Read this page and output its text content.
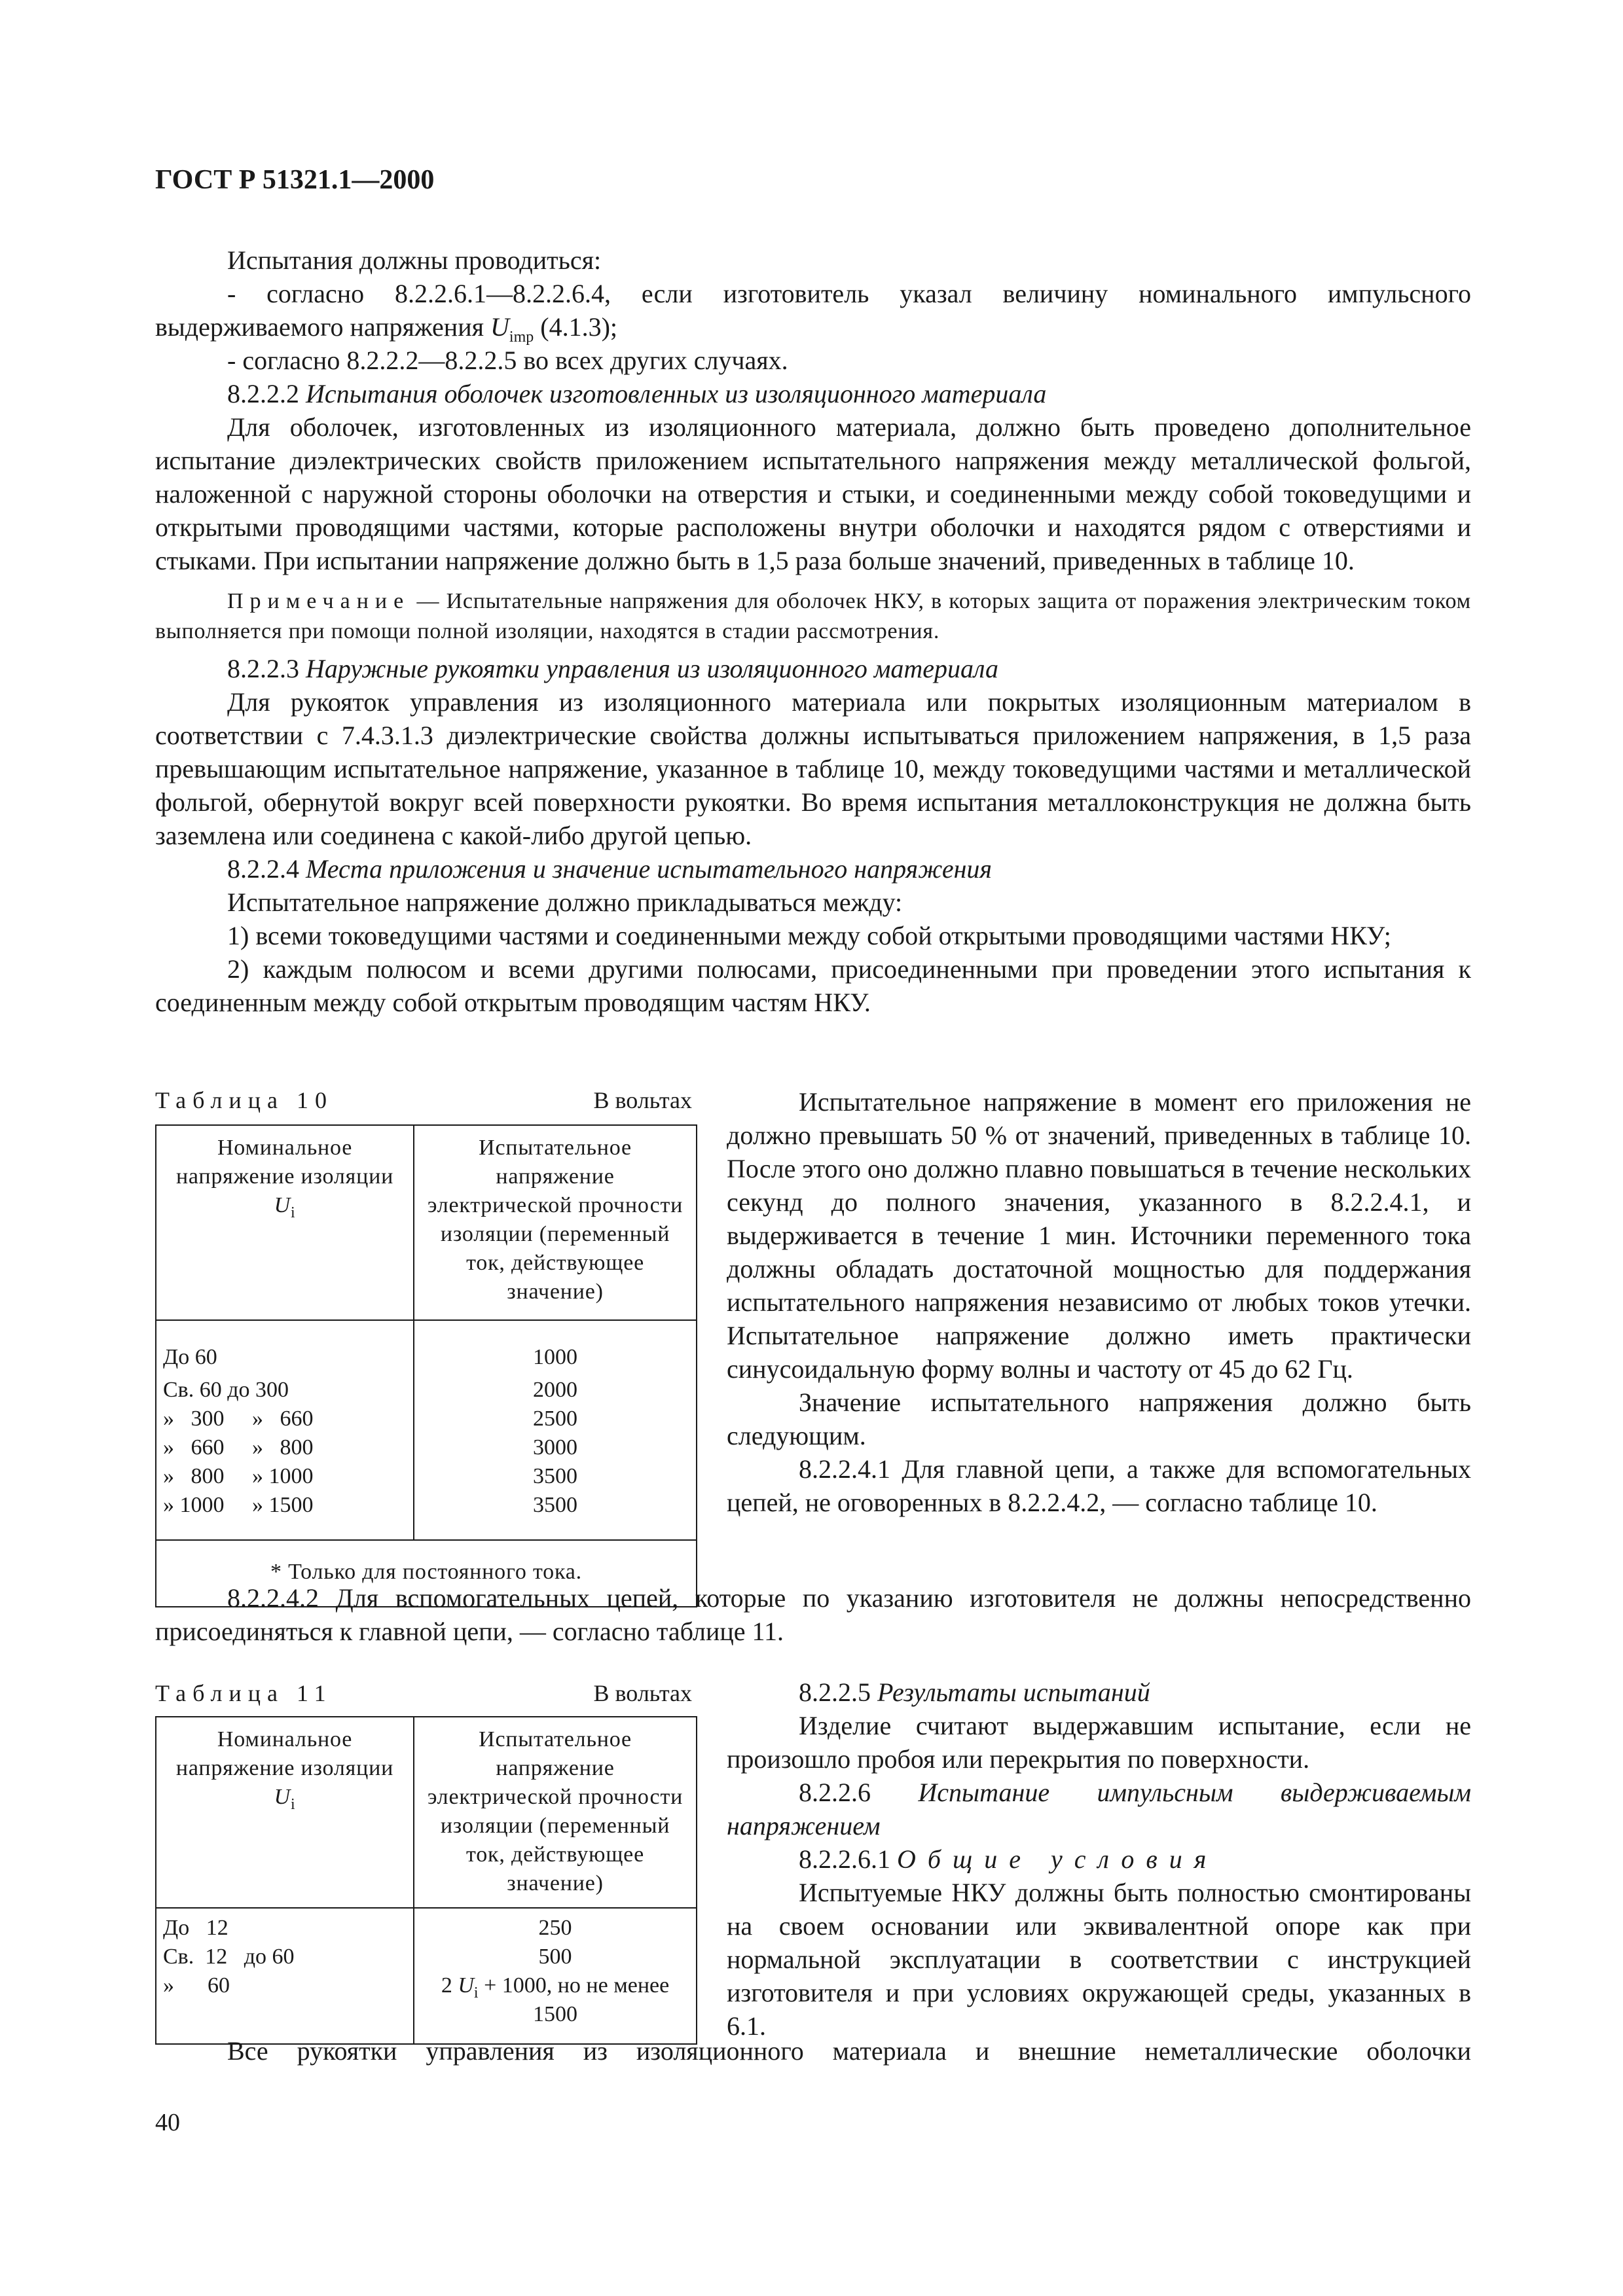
ГОСТ Р 51321.1—2000

Испытания должны проводиться:

- согласно 8.2.2.6.1—8.2.2.6.4, если изготовитель указал величину номинального импульсного выдерживаемого напряжения $U_{imp}$ (4.1.3);

- согласно 8.2.2.2—8.2.2.5 во всех других случаях.

8.2.2.2 Испытания оболочек изготовленных из изоляционного материала

Для оболочек, изготовленных из изоляционного материала, должно быть проведено дополнительное испытание диэлектрических свойств приложением испытательного напряжения между металлической фольгой, наложенной с наружной стороны оболочки на отверстия и стыки, и соединенными между собой токоведущими и открытыми проводящими частями, которые расположены внутри оболочки и находятся рядом с отверстиями и стыками. При испытании напряжение должно быть в 1,5 раза больше значений, приведенных в таблице 10.

Примечание — Испытательные напряжения для оболочек НКУ, в которых защита от поражения электрическим током выполняется при помощи полной изоляции, находятся в стадии рассмотрения.

8.2.2.3 Наружные рукоятки управления из изоляционного материала

Для рукояток управления из изоляционного материала или покрытых изоляционным материалом в соответствии с 7.4.3.1.3 диэлектрические свойства должны испытываться приложением напряжения, в 1,5 раза превышающим испытательное напряжение, указанное в таблице 10, между токоведущими частями и металлической фольгой, обернутой вокруг всей поверхности рукоятки. Во время испытания металлоконструкция не должна быть заземлена или соединена с какой-либо другой цепью.

8.2.2.4 Места приложения и значение испытательного напряжения

Испытательное напряжение должно прикладываться между:

1) всеми токоведущими частями и соединенными между собой открытыми проводящими частями НКУ;

2) каждым полюсом и всеми другими полюсами, присоединенными при проведении этого испытания к соединенным между собой открытым проводящим частям НКУ.

Таблица 10	В вольтах
Номинальное напряжение изоляции $U_i$	Испытательное напряжение электрической прочности изоляции (переменный ток, действующее значение)
До 60	1000
Св. 60 до 300	2000
»   300     »   660	2500
»   660     »   800	3000
»   800     » 1000	3500
» 1000     » 1500	3500
* Только для постоянного тока.	

Испытательное напряжение в момент его приложения не должно превышать 50 % от значений, приведенных в таблице 10. После этого оно должно плавно повышаться в течение нескольких секунд до полного значения, указанного в 8.2.2.4.1, и выдерживается в течение 1 мин. Источники переменного тока должны обладать достаточной мощностью для поддержания испытательного напряжения независимо от любых токов утечки. Испытательное напряжение должно иметь практически синусоидальную форму волны и частоту от 45 до 62 Гц.

Значение испытательного напряжения должно быть следующим.

8.2.2.4.1 Для главной цепи, а также для вспомогательных цепей, не оговоренных в 8.2.2.4.2, — согласно таблице 10.

8.2.2.4.2 Для вспомогательных цепей, которые по указанию изготовителя не должны непосредственно присоединяться к главной цепи, — согласно таблице 11.

Таблица 11	В вольтах
Номинальное напряжение изоляции $U_i$	Испытательное напряжение электрической прочности изоляции (переменный ток, действующее значение)
До   12	250
Св.  12   до 60	500
»      60	2 $U_i + 1000$, но не менее 1500

8.2.2.5 Результаты испытаний

Изделие считают выдержавшим испытание, если не произошло пробоя или перекрытия по поверхности.

8.2.2.6 Испытание импульсным выдерживаемым напряжением

8.2.2.6.1 Общие условия

Испытуемые НКУ должны быть полностью смонтированы на своем основании или эквивалентной опоре как при нормальной эксплуатации в соответствии с инструкцией изготовителя и при условиях окружающей среды, указанных в 6.1.

Все рукоятки управления из изоляционного материала и внешние неметаллические оболочки

40
